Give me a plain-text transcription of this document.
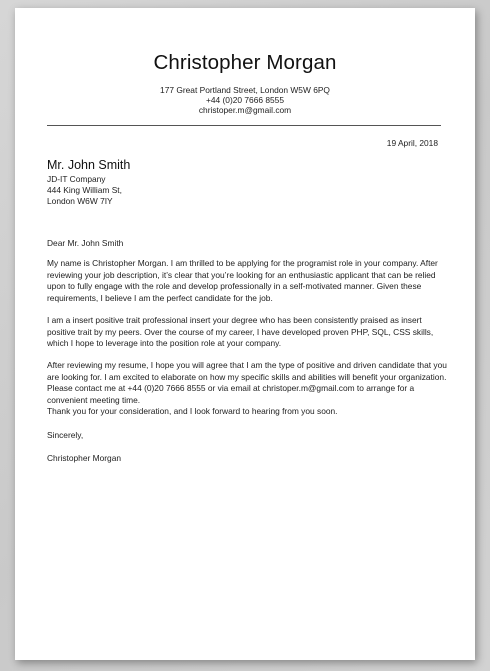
Christopher Morgan
177 Great Portland Street, London W5W 6PQ
+44 (0)20 7666 8555
christoper.m@gmail.com
19 April, 2018
Mr. John Smith
JD-IT Company
444 King William St,
London W6W 7IY

Dear Mr. John Smith

My name is Christopher Morgan. I am thrilled to be applying for the programist role in your company. After reviewing your job description, it’s clear that you’re looking for an enthusiastic applicant that can be relied upon to fully engage with the role and develop professionally in a self-motivated manner. Given these requirements, I believe I am the perfect candidate for the job.

I am a insert positive trait professional insert your degree who has been consistently praised as insert positive trait by my peers. Over the course of my career, I have developed proven PHP, SQL, CSS skills, which I hope to leverage into the position role at your company.

After reviewing my resume, I hope you will agree that I am the type of positive and driven candidate that you are looking for. I am excited to elaborate on how my specific skills and abilities will benefit your organization. Please contact me at +44 (0)20 7666 8555 or via email at christoper.m@gmail.com to arrange for a convenient meeting time.

Thank you for your consideration, and I look forward to hearing from you soon.

Sincerely,

Christopher Morgan
